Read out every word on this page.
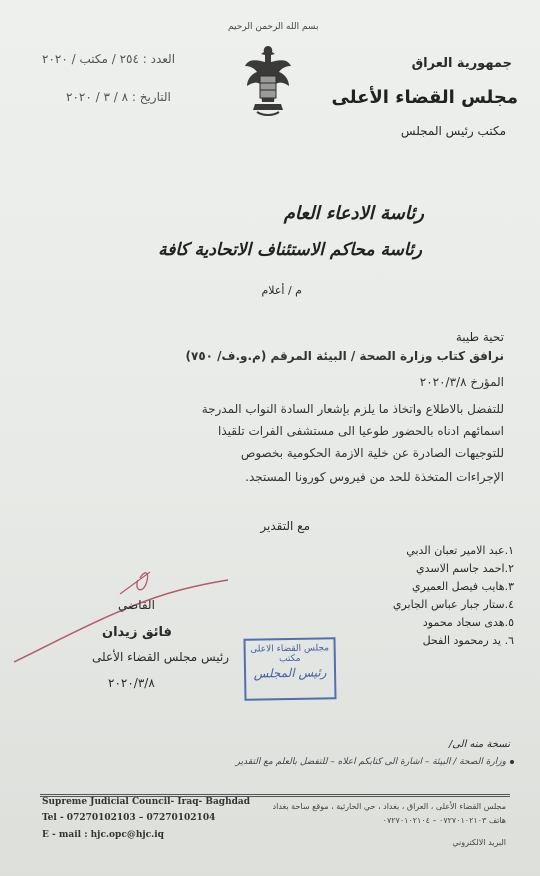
بسم الله الرحمن الرحيم
العدد : ٢٥٤ / مكتب / ٢٠٢٠
التاريخ : ٨ / ٣ / ٢٠٢٠
جمهورية العراق
مجلس القضاء الأعلى
مكتب رئيس المجلس
رئاسة الادعاء العام
رئاسة محاكم الاستئناف الاتحادية كافة
م / أعلام
تحية طيبة
نرافق كتاب وزارة الصحة / البيئة المرقم (م.و.ف/ ٧٥٠)
المؤرخ ٢٠٢٠/٣/٨
للتفضل بالاطلاع واتخاذ ما يلزم بإشعار السادة النواب المدرجة
اسمائهم ادناه بالحضور طوعيا الى مستشفى الفرات تلقيذا
للتوجيهات الصادرة عن خلية الازمة الحكومية بخصوص
الإجراءات المتخذة للحد من فيروس كورونا المستجد.
مع التقدير
١.عبد الامير تعبان الدبي
٢.احمد جاسم الاسدي
٣.هايب فيصل العميري
٤.ستار جبار عباس الجابري
٥.هدى سجاد محمود
٦. يد رمحمود الفحل
القاضي
فائق زيدان
رئيس مجلس القضاء الأعلى
٢٠٢٠/٣/٨
مجلس القضاء الاعلى
مكتب
رئيس المجلس
نسخة منه الى/
وزارة الصحة / البيئة – اشارة الى كتابكم اعلاه – للتفضل بالعلم مع التقدير
Supreme Judicial Council- Iraq- Baghdad
Tel - 07270102103 – 07270102104
E - mail : hjc.opc@hjc.iq
مجلس القضاء الأعلى ، العراق ، بغداد ، حي الحارثية ، موقع ساحة بغداد
هاتف ٠٧٢٧٠١٠٢١٠٣ – ٠٧٢٧٠١٠٢١٠٤
البريد الالكتروني
